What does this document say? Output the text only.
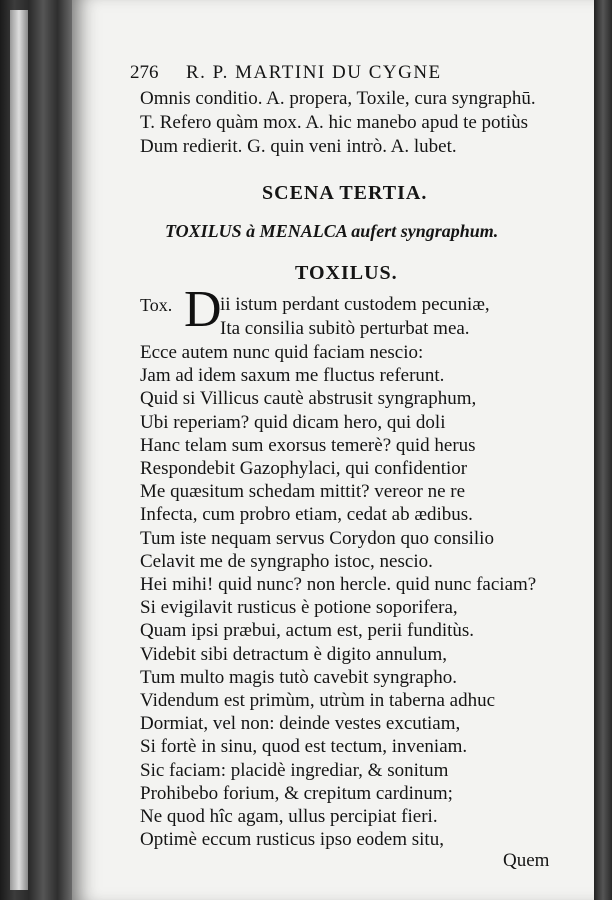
276 R. P. MARTINI DU CYGNE
Omnis conditio. A. propera, Toxile, cura syngraphū.
T. Refero quàm mox. A. hic manebo apud te potiùs
Dum redierit. G. quin veni intrò. A. lubet.
SCENA TERTIA.
TOXILUS à MENALCA aufert syngraphum.
TOXILUS.
Tox. D
ii istum perdant custodem pecuniæ,
Ita consilia subitò perturbat mea.
Ecce autem nunc quid faciam nescio:
Jam ad idem saxum me fluctus referunt.
Quid si Villicus cautè abstrusit syngraphum,
Ubi reperiam? quid dicam hero, qui doli
Hanc telam sum exorsus temerè? quid herus
Respondebit Gazophylaci, qui confidentior
Me quæsitum schedam mittit? vereor ne re
Infecta, cum probro etiam, cedat ab ædibus.
Tum iste nequam servus Corydon quo consilio
Celavit me de syngrapho istoc, nescio.
Hei mihi! quid nunc? non hercle. quid nunc faciam?
Si evigilavit rusticus è potione soporifera,
Quam ipsi præbui, actum est, perii funditùs.
Videbit sibi detractum è digito annulum,
Tum multo magis tutò cavebit syngrapho.
Videndum est primùm, utrùm in taberna adhuc
Dormiat, vel non: deinde vestes excutiam,
Si fortè in sinu, quod est tectum, inveniam.
Sic faciam: placidè ingrediar, & sonitum
Prohibebo forium, & crepitum cardinum;
Ne quod hîc agam, ullus percipiat fieri.
Optimè eccum rusticus ipso eodem situ,
Quem
